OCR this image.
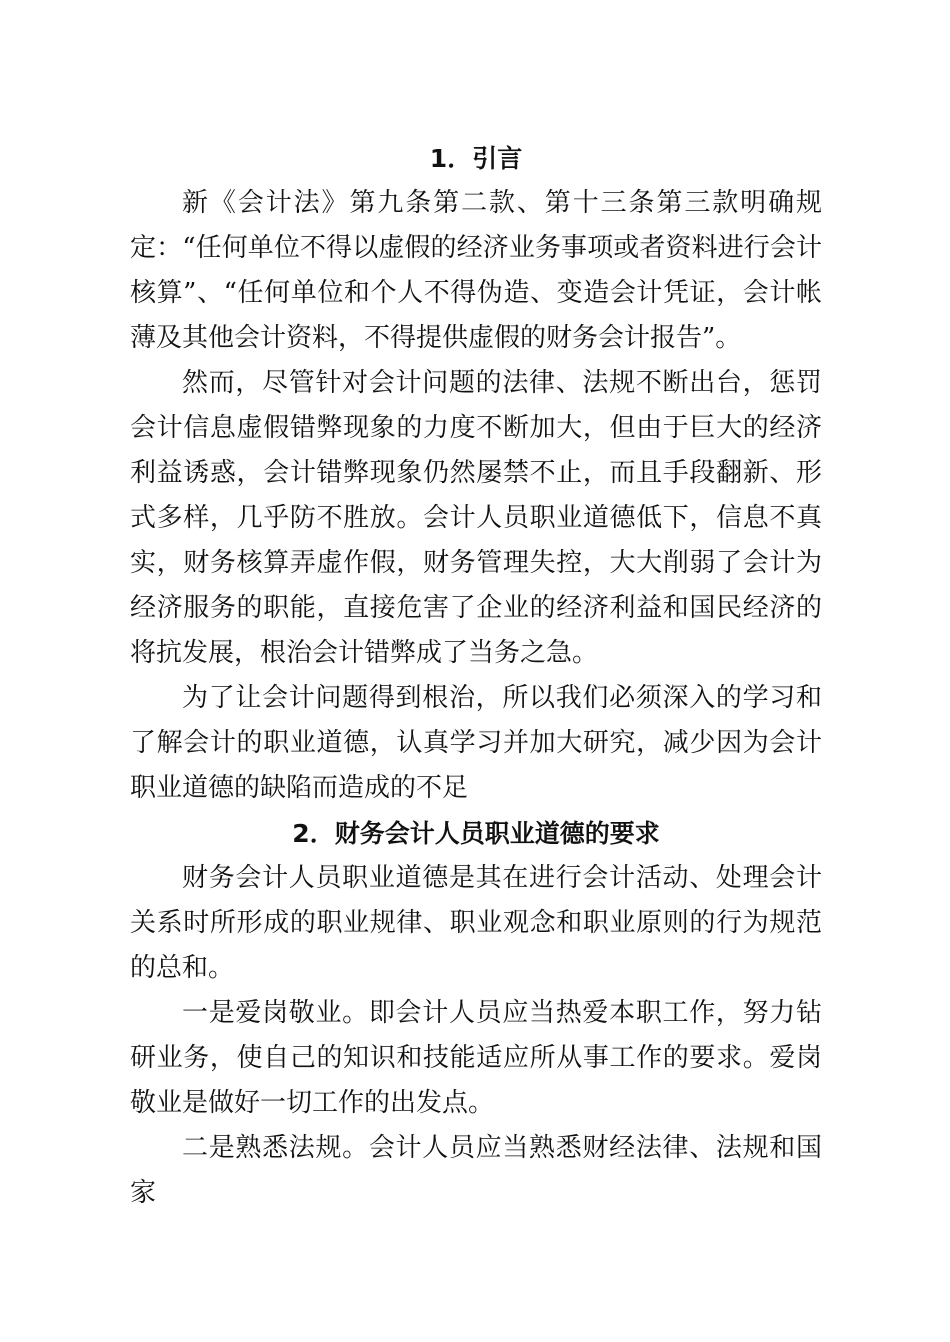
1．引言

新《会计法》第九条第二款、第十三条第三款明确规定：“任何单位不得以虚假的经济业务事项或者资料进行会计核算”、“任何单位和个人不得伪造、变造会计凭证，会计帐薄及其他会计资料，不得提供虚假的财务会计报告”。

然而，尽管针对会计问题的法律、法规不断出台，惩罚会计信息虚假错弊现象的力度不断加大，但由于巨大的经济利益诱惑，会计错弊现象仍然屡禁不止，而且手段翻新、形式多样，几乎防不胜放。会计人员职业道德低下，信息不真实，财务核算弄虚作假，财务管理失控，大大削弱了会计为经济服务的职能，直接危害了企业的经济利益和国民经济的将抗发展，根治会计错弊成了当务之急。

为了让会计问题得到根治，所以我们必须深入的学习和了解会计的职业道德，认真学习并加大研究，减少因为会计职业道德的缺陷而造成的不足

2．财务会计人员职业道德的要求

财务会计人员职业道德是其在进行会计活动、处理会计关系时所形成的职业规律、职业观念和职业原则的行为规范的总和。

一是爱岗敬业。即会计人员应当热爱本职工作，努力钻研业务，使自己的知识和技能适应所从事工作的要求。爱岗敬业是做好一切工作的出发点。

二是熟悉法规。会计人员应当熟悉财经法律、法规和国家
